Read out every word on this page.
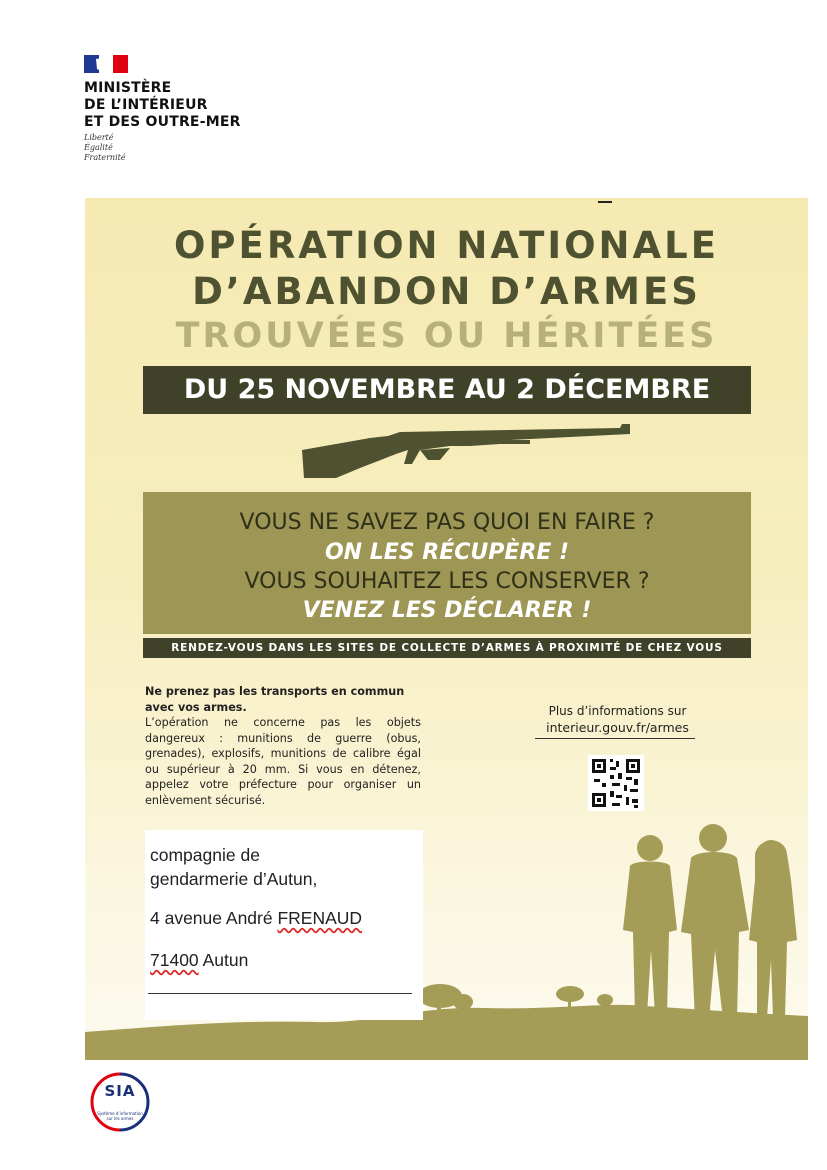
MINISTÈRE
DE L’INTÉRIEUR
ET DES OUTRE-MER
Liberté
Égalité
Fraternité
OPÉRATION NATIONALE
D’ABANDON D’ARMES
TROUVÉES OU HÉRITÉES
DU 25 NOVEMBRE AU 2 DÉCEMBRE
VOUS NE SAVEZ PAS QUOI EN FAIRE ?
ON LES RÉCUPÈRE !
VOUS SOUHAITEZ LES CONSERVER ?
VENEZ LES DÉCLARER !
RENDEZ-VOUS DANS LES SITES DE COLLECTE D’ARMES À PROXIMITÉ DE CHEZ VOUS
Ne prenez pas les transports en commun avec vos armes.
L’opération ne concerne pas les objets dangereux : munitions de guerre (obus, grenades), explosifs, munitions de calibre égal ou supérieur à 20 mm. Si vous en détenez, appelez votre préfecture pour organiser un enlèvement sécurisé.
Plus d’informations sur
interieur.gouv.fr/armes
compagnie de
gendarmerie d’Autun,
4 avenue André FRENAUD
71400 Autun
SIA
Système d’information sur les armes
